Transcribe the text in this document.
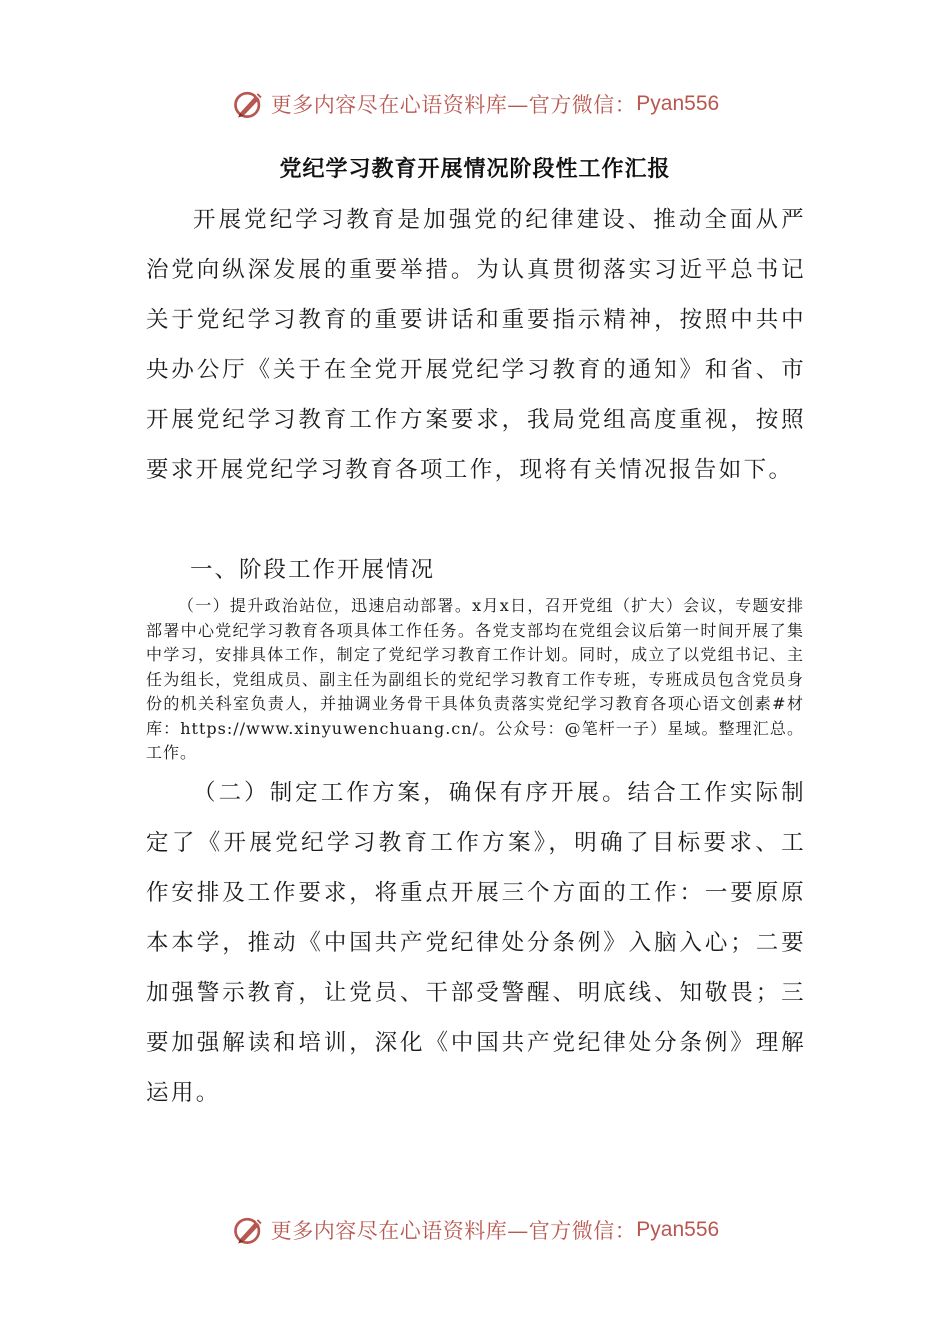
更多内容尽在心语资料库—官方微信： Pyan556
党纪学习教育开展情况阶段性工作汇报

开展党纪学习教育是加强党的纪律建设、推动全面从严治党向纵深发展的重要举措。为认真贯彻落实习近平总书记关于党纪学习教育的重要讲话和重要指示精神，按照中共中央办公厅《关于在全党开展党纪学习教育的通知》和省、市开展党纪学习教育工作方案要求，我局党组高度重视，按照要求开展党纪学习教育各项工作，现将有关情况报告如下。

一、阶段工作开展情况

（一）提升政治站位，迅速启动部署。x月x日，召开党组（扩大）会议，专题安排部署中心党纪学习教育各项具体工作任务。各党支部均在党组会议后第一时间开展了集中学习，安排具体工作，制定了党纪学习教育工作计划。同时，成立了以党组书记、主任为组长，党组成员、副主任为副组长的党纪学习教育工作专班，专班成员包含党员身份的机关科室负责人，并抽调业务骨干具体负责落实党纪学习教育各项心语文创素#材库：https://www.xinyuwenchuang.cn/。公众号：@笔杆一子）星域。整理汇总。工作。

（二）制定工作方案，确保有序开展。结合工作实际制定了《开展党纪学习教育工作方案》，明确了目标要求、工作安排及工作要求，将重点开展三个方面的工作：一要原原本本学，推动《中国共产党纪律处分条例》入脑入心；二要加强警示教育，让党员、干部受警醒、明底线、知敬畏；三要加强解读和培训，深化《中国共产党纪律处分条例》理解运用。

更多内容尽在心语资料库—官方微信： Pyan556
